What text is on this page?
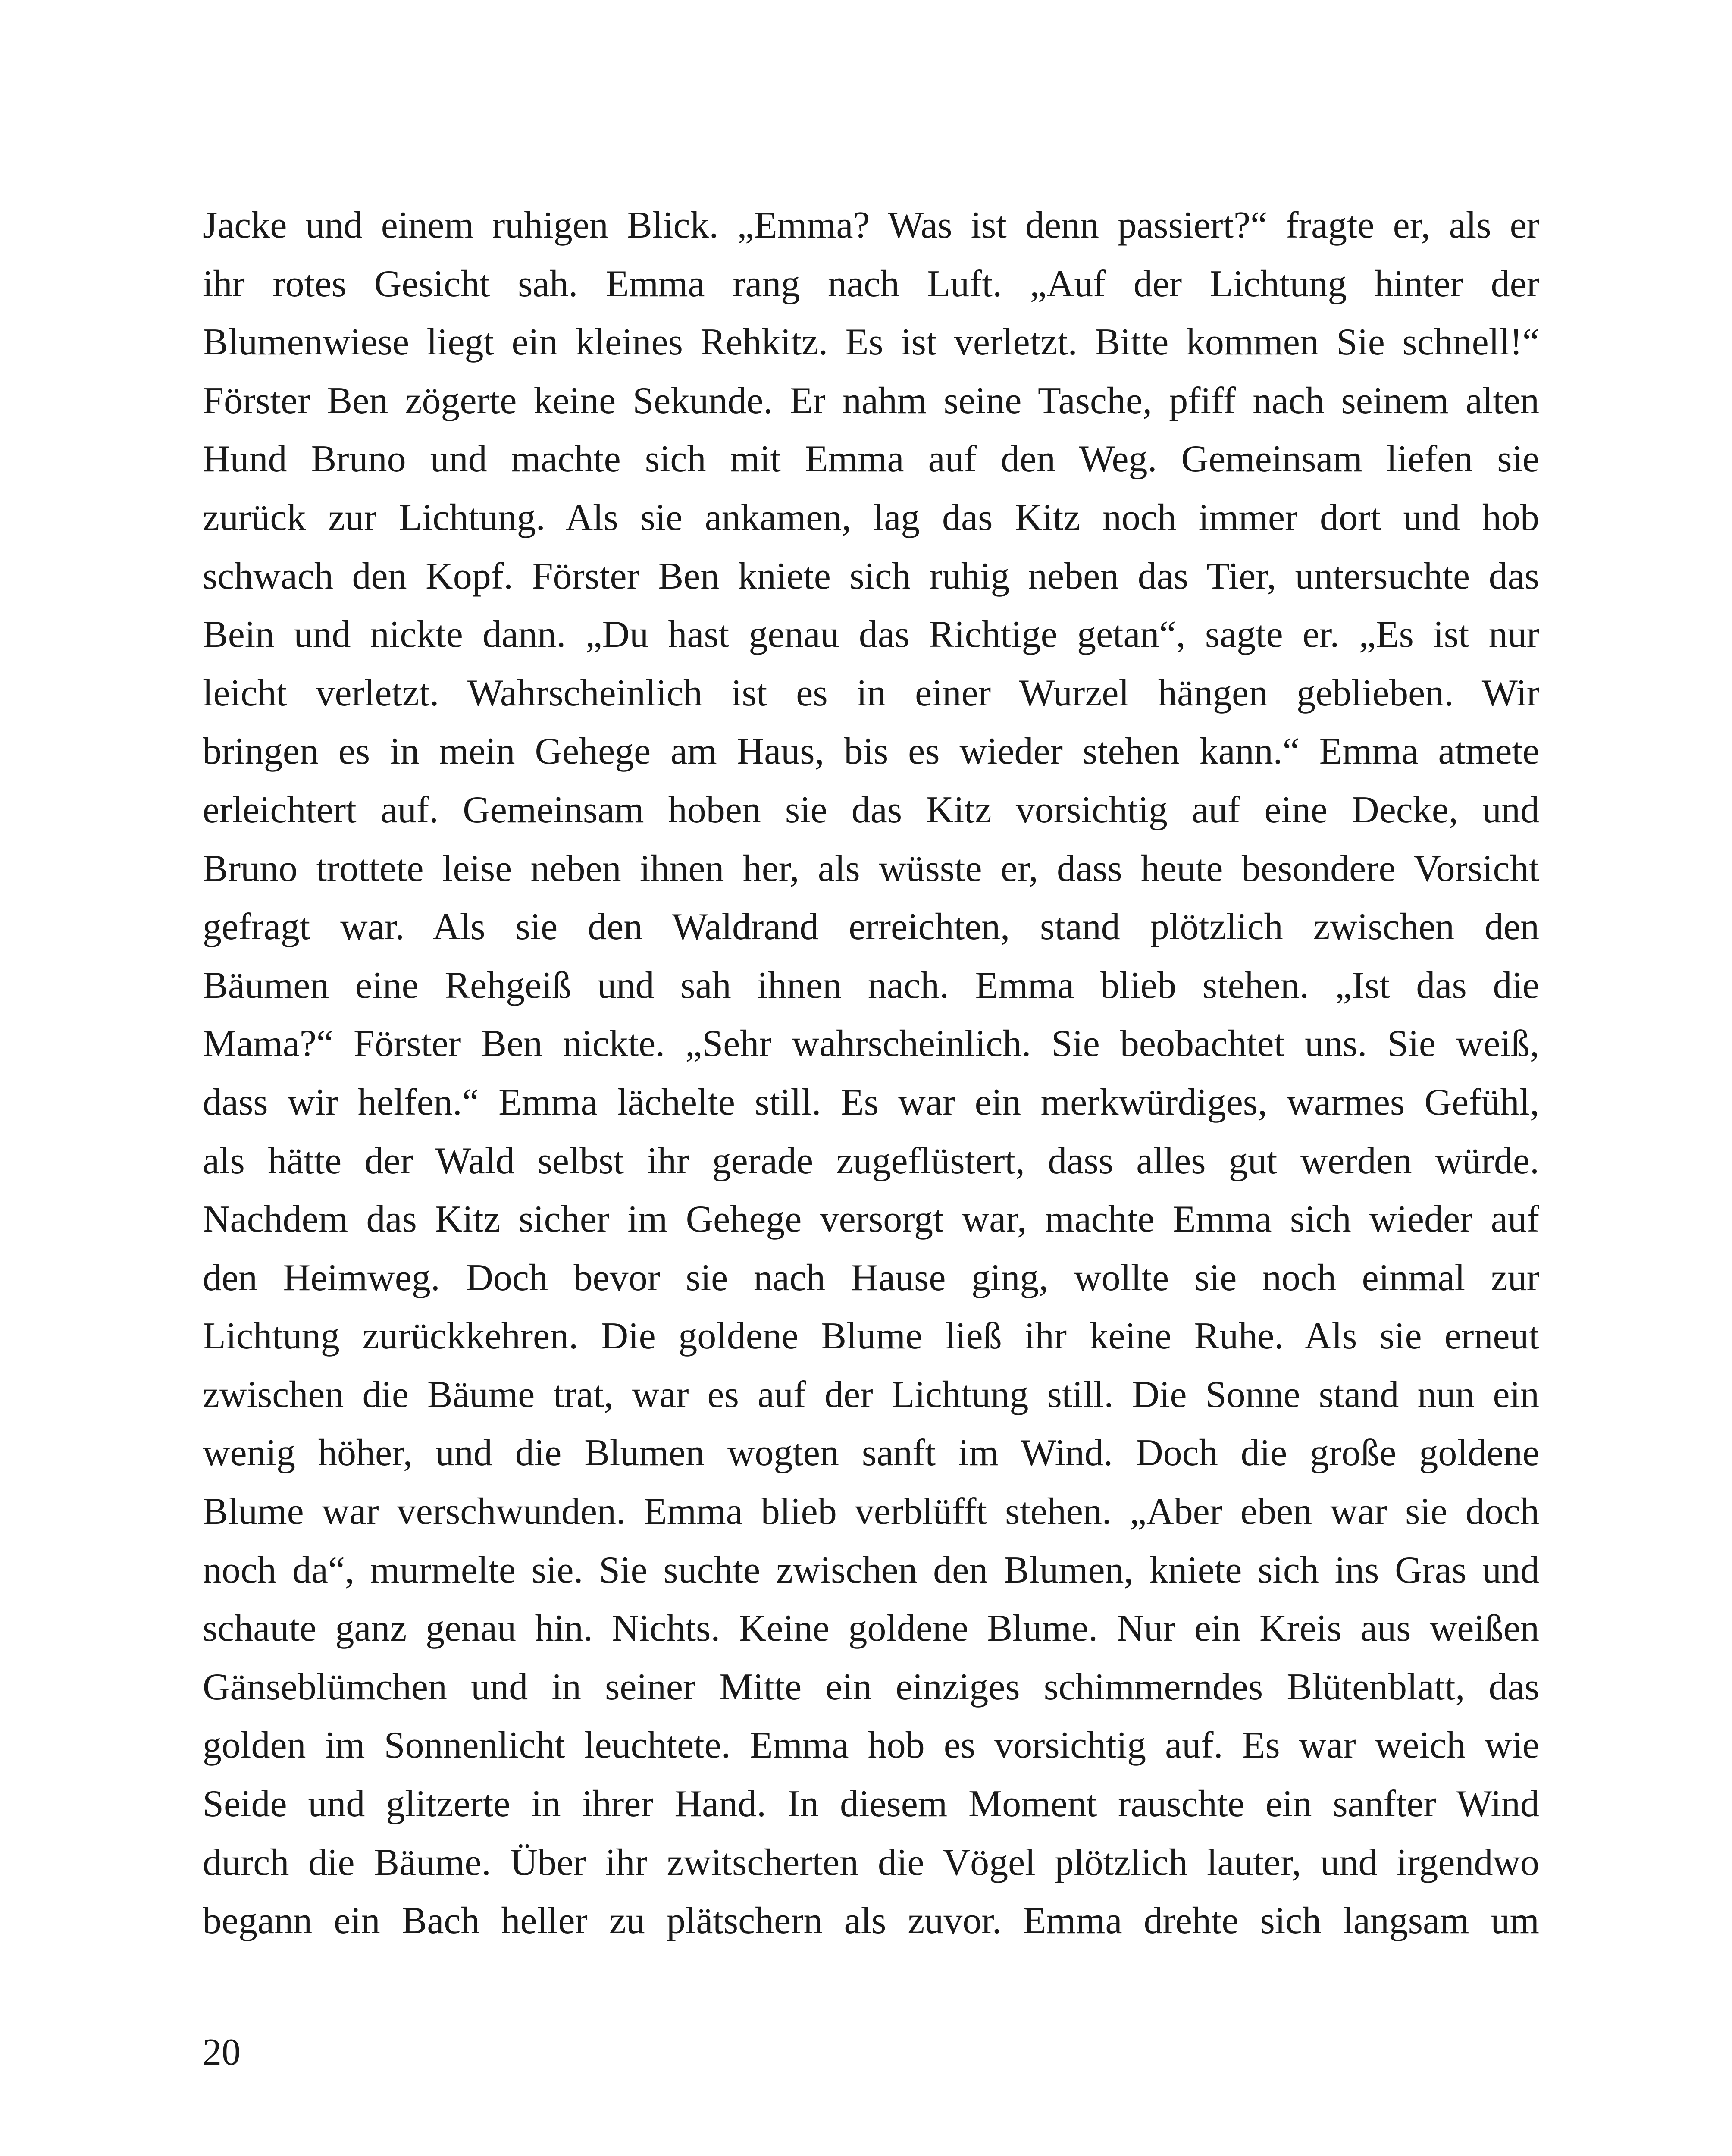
Jacke und einem ruhigen Blick. „Emma? Was ist denn passiert?“ fragte er, als er
ihr rotes Gesicht sah. Emma rang nach Luft. „Auf der Lichtung hinter der
Blumenwiese liegt ein kleines Rehkitz. Es ist verletzt. Bitte kommen Sie schnell!“
Förster Ben zögerte keine Sekunde. Er nahm seine Tasche, pfiff nach seinem alten
Hund Bruno und machte sich mit Emma auf den Weg. Gemeinsam liefen sie
zurück zur Lichtung. Als sie ankamen, lag das Kitz noch immer dort und hob
schwach den Kopf. Förster Ben kniete sich ruhig neben das Tier, untersuchte das
Bein und nickte dann. „Du hast genau das Richtige getan“, sagte er. „Es ist nur
leicht verletzt. Wahrscheinlich ist es in einer Wurzel hängen geblieben. Wir
bringen es in mein Gehege am Haus, bis es wieder stehen kann.“ Emma atmete
erleichtert auf. Gemeinsam hoben sie das Kitz vorsichtig auf eine Decke, und
Bruno trottete leise neben ihnen her, als wüsste er, dass heute besondere Vorsicht
gefragt war. Als sie den Waldrand erreichten, stand plötzlich zwischen den
Bäumen eine Rehgeiß und sah ihnen nach. Emma blieb stehen. „Ist das die
Mama?“ Förster Ben nickte. „Sehr wahrscheinlich. Sie beobachtet uns. Sie weiß,
dass wir helfen.“ Emma lächelte still. Es war ein merkwürdiges, warmes Gefühl,
als hätte der Wald selbst ihr gerade zugeflüstert, dass alles gut werden würde.
Nachdem das Kitz sicher im Gehege versorgt war, machte Emma sich wieder auf
den Heimweg. Doch bevor sie nach Hause ging, wollte sie noch einmal zur
Lichtung zurückkehren. Die goldene Blume ließ ihr keine Ruhe. Als sie erneut
zwischen die Bäume trat, war es auf der Lichtung still. Die Sonne stand nun ein
wenig höher, und die Blumen wogten sanft im Wind. Doch die große goldene
Blume war verschwunden. Emma blieb verblüfft stehen. „Aber eben war sie doch
noch da“, murmelte sie. Sie suchte zwischen den Blumen, kniete sich ins Gras und
schaute ganz genau hin. Nichts. Keine goldene Blume. Nur ein Kreis aus weißen
Gänseblümchen und in seiner Mitte ein einziges schimmerndes Blütenblatt, das
golden im Sonnenlicht leuchtete. Emma hob es vorsichtig auf. Es war weich wie
Seide und glitzerte in ihrer Hand. In diesem Moment rauschte ein sanfter Wind
durch die Bäume. Über ihr zwitscherten die Vögel plötzlich lauter, und irgendwo
begann ein Bach heller zu plätschern als zuvor. Emma drehte sich langsam um
20
